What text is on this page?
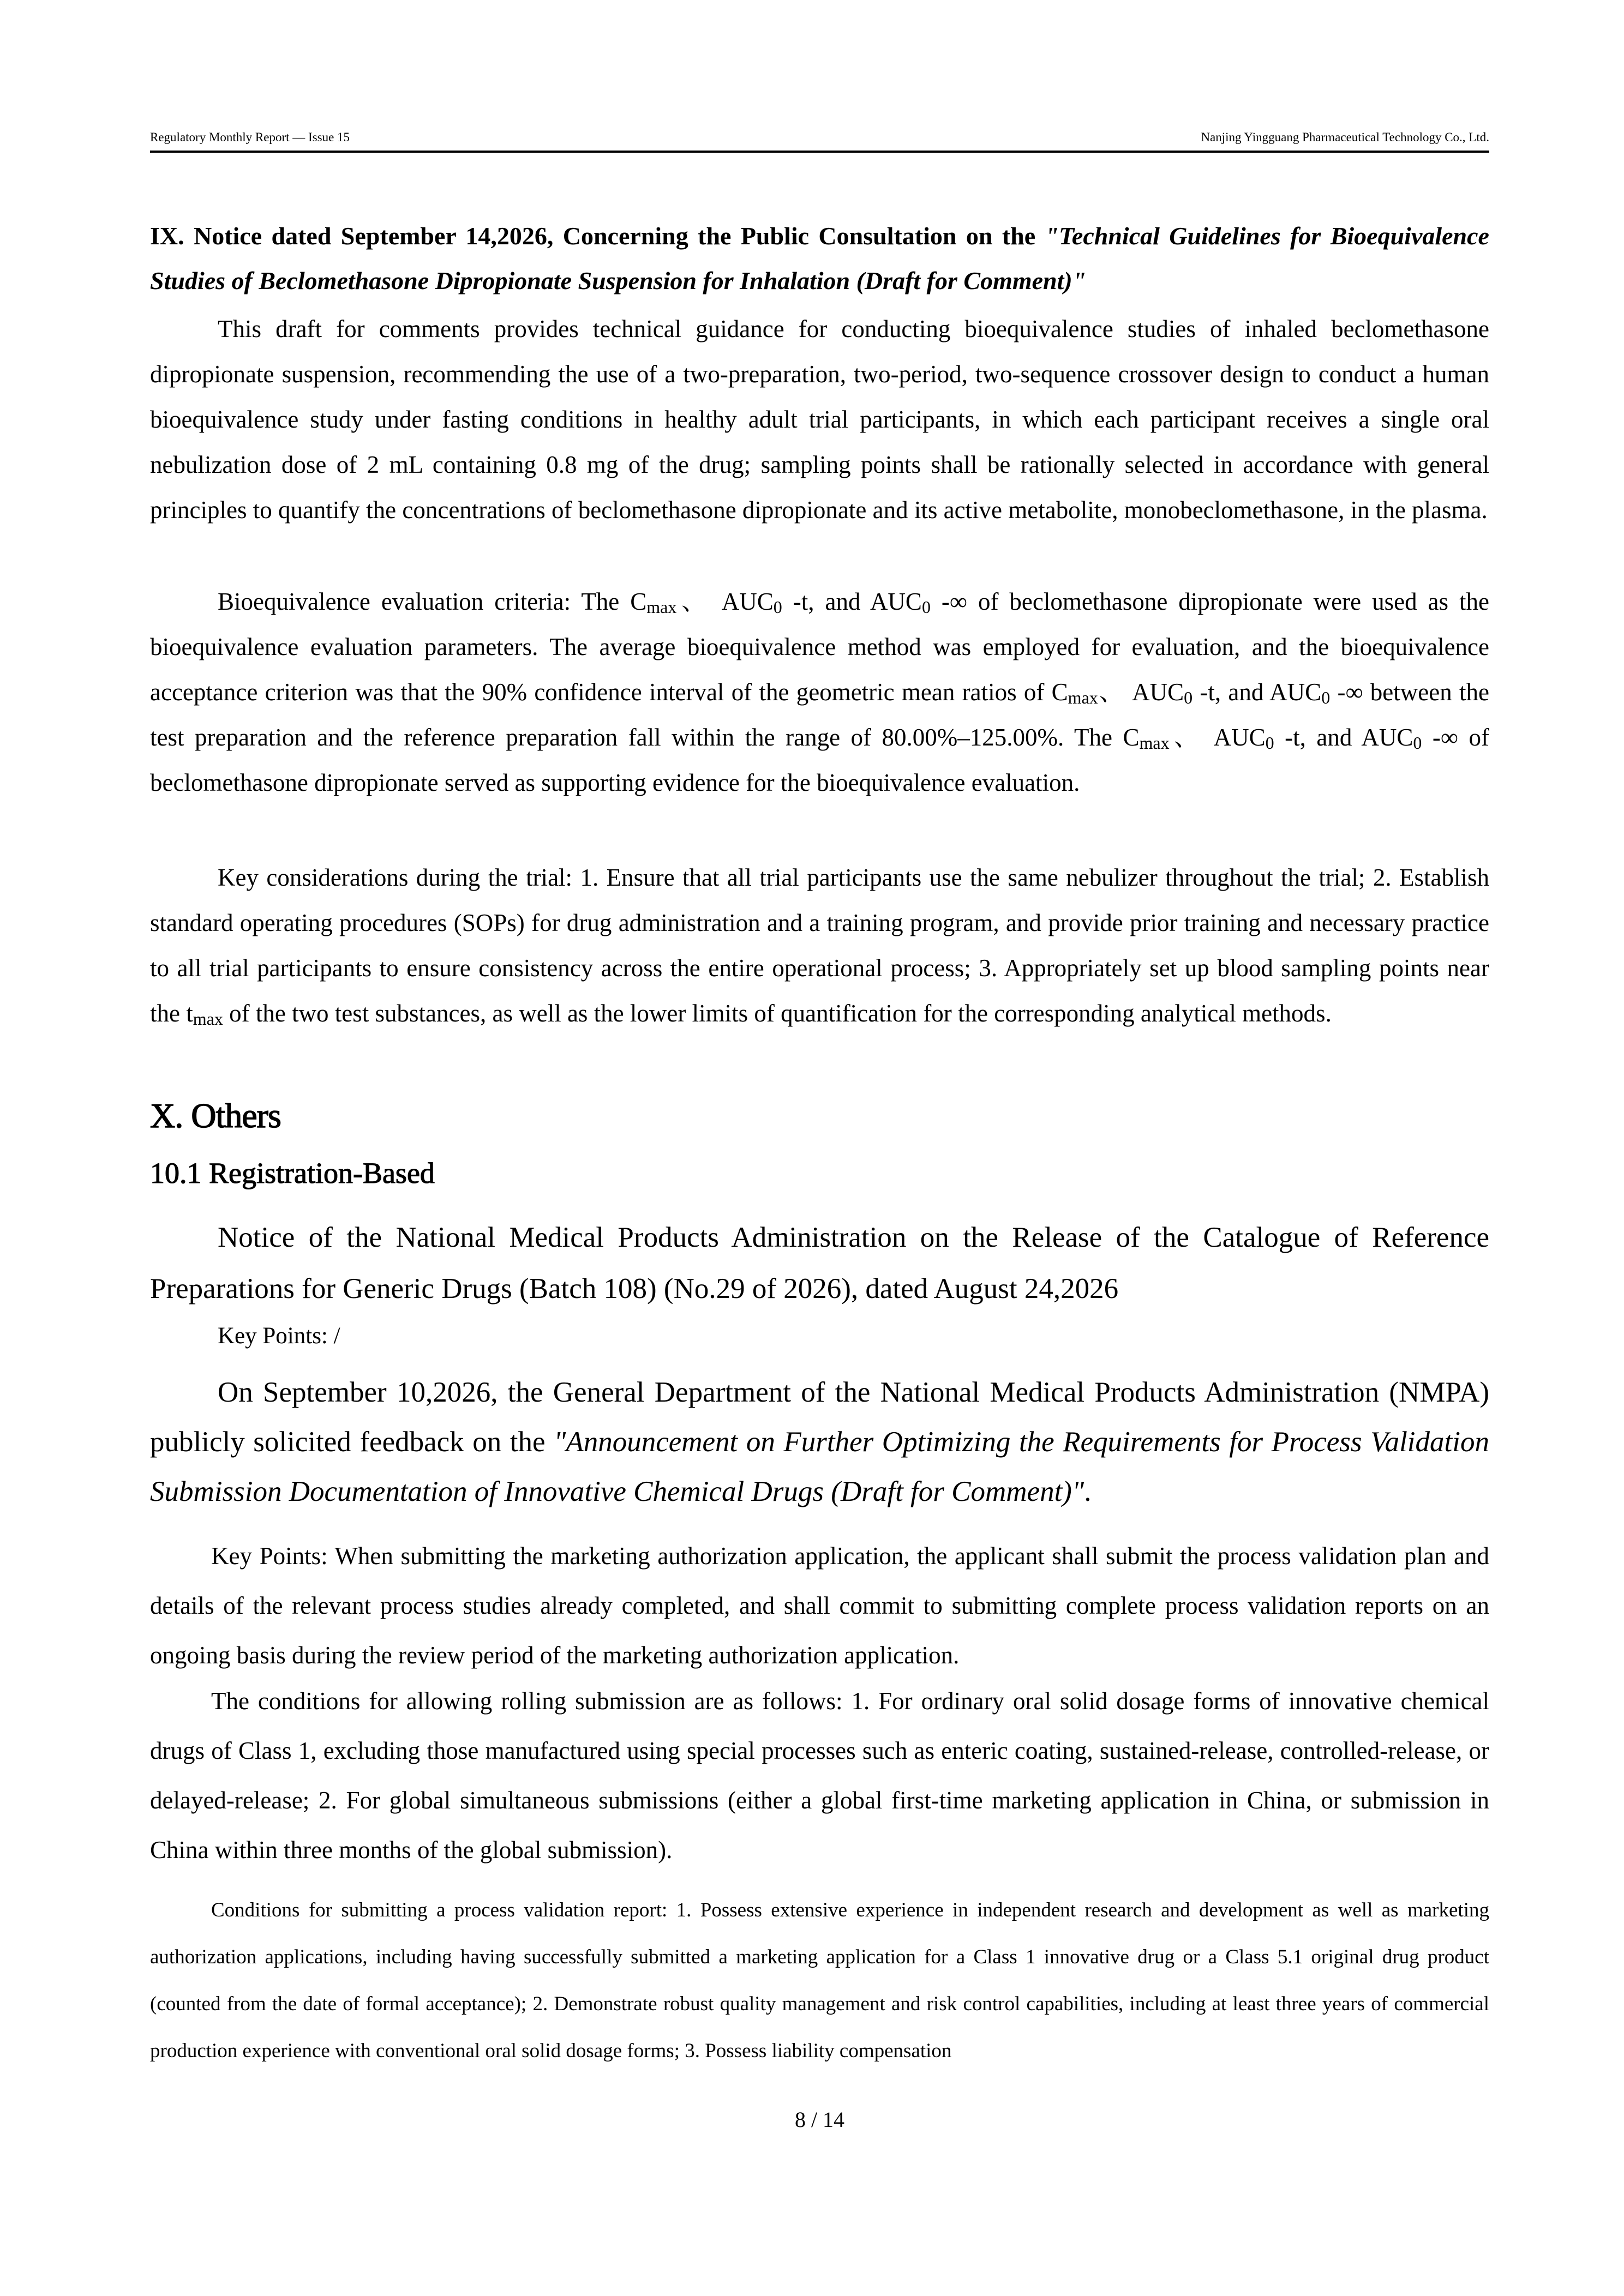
Regulatory Monthly Report — Issue 15	Nanjing Yingguang Pharmaceutical Technology Co., Ltd.
IX. Notice dated September 14,2026, Concerning the Public Consultation on the "Technical Guidelines for Bioequivalence Studies of Beclomethasone Dipropionate Suspension for Inhalation (Draft for Comment)"
This draft for comments provides technical guidance for conducting bioequivalence studies of inhaled beclomethasone dipropionate suspension, recommending the use of a two-preparation, two-period, two-sequence crossover design to conduct a human bioequivalence study under fasting conditions in healthy adult trial participants, in which each participant receives a single oral nebulization dose of 2 mL containing 0.8 mg of the drug; sampling points shall be rationally selected in accordance with general principles to quantify the concentrations of beclomethasone dipropionate and its active metabolite, monobeclomethasone, in the plasma.
Bioequivalence evaluation criteria: The $C_{max}$、 $AUC_0$ -t, and $AUC_0$ -∞ of beclomethasone dipropionate were used as the bioequivalence evaluation parameters. The average bioequivalence method was employed for evaluation, and the bioequivalence acceptance criterion was that the 90% confidence interval of the geometric mean ratios of $C_{max}$、 $AUC_0$ -t, and $AUC_0$ -∞ between the test preparation and the reference preparation fall within the range of 80.00%–125.00%. The $C_{max}$、 $AUC_0$ -t, and $AUC_0$ -∞ of beclomethasone dipropionate served as supporting evidence for the bioequivalence evaluation.
Key considerations during the trial: 1. Ensure that all trial participants use the same nebulizer throughout the trial; 2. Establish standard operating procedures (SOPs) for drug administration and a training program, and provide prior training and necessary practice to all trial participants to ensure consistency across the entire operational process; 3. Appropriately set up blood sampling points near the $t_{max}$ of the two test substances, as well as the lower limits of quantification for the corresponding analytical methods.
X. Others
10.1 Registration-Based
Notice of the National Medical Products Administration on the Release of the Catalogue of Reference Preparations for Generic Drugs (Batch 108) (No.29 of 2026), dated August 24,2026
Key Points: /
On September 10,2026, the General Department of the National Medical Products Administration (NMPA) publicly solicited feedback on the "Announcement on Further Optimizing the Requirements for Process Validation Submission Documentation of Innovative Chemical Drugs (Draft for Comment)".
Key Points: When submitting the marketing authorization application, the applicant shall submit the process validation plan and details of the relevant process studies already completed, and shall commit to submitting complete process validation reports on an ongoing basis during the review period of the marketing authorization application.
The conditions for allowing rolling submission are as follows: 1. For ordinary oral solid dosage forms of innovative chemical drugs of Class 1, excluding those manufactured using special processes such as enteric coating, sustained-release, controlled-release, or delayed-release; 2. For global simultaneous submissions (either a global first-time marketing application in China, or submission in China within three months of the global submission).
Conditions for submitting a process validation report: 1. Possess extensive experience in independent research and development as well as marketing authorization applications, including having successfully submitted a marketing application for a Class 1 innovative drug or a Class 5.1 original drug product (counted from the date of formal acceptance); 2. Demonstrate robust quality management and risk control capabilities, including at least three years of commercial production experience with conventional oral solid dosage forms; 3. Possess liability compensation
8 / 14
